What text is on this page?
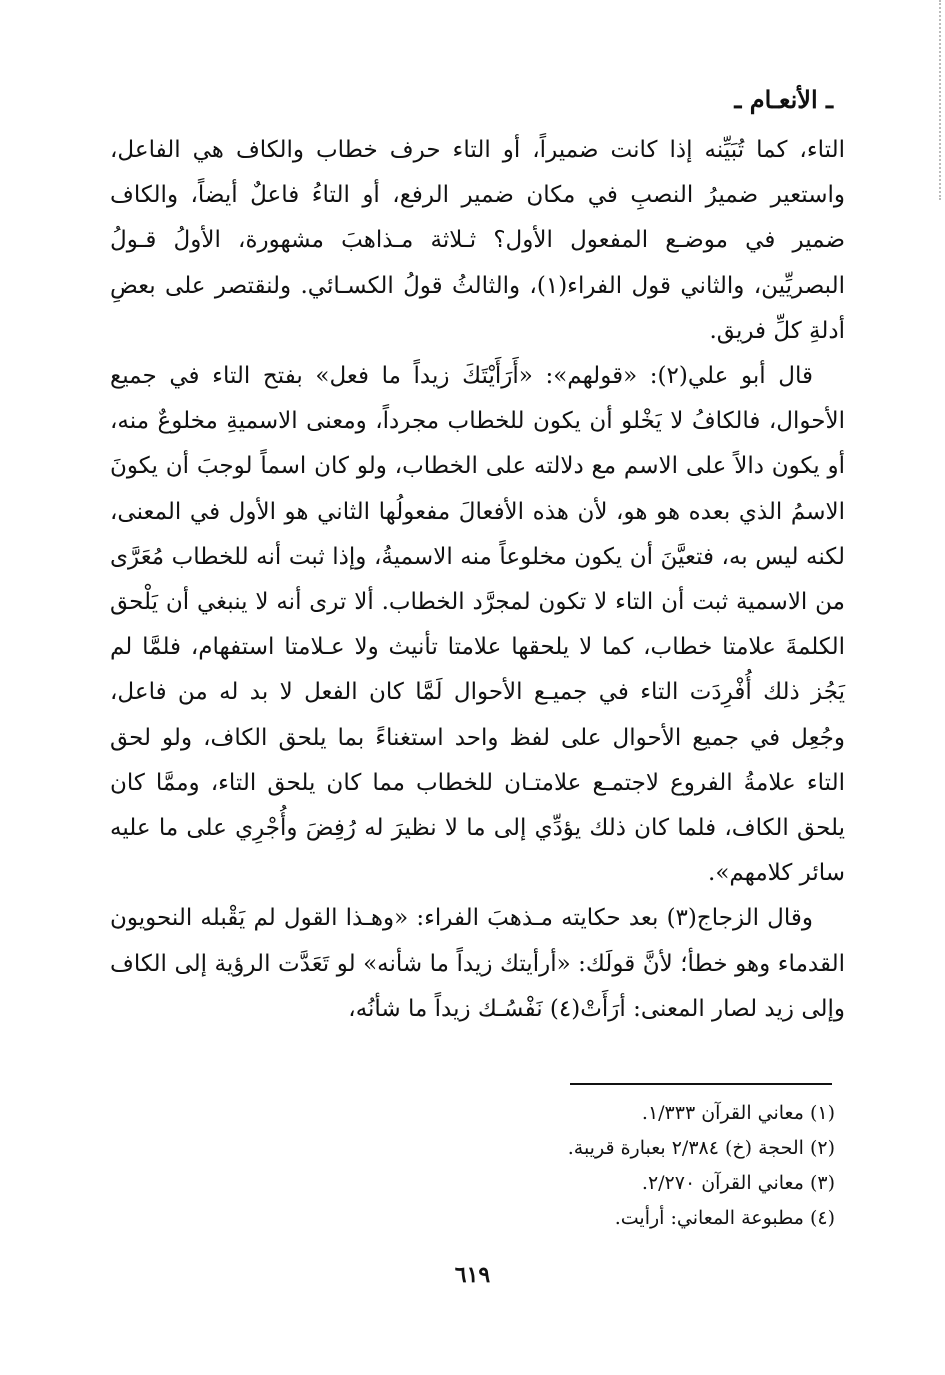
ـ الأنعـام ـ

التاء، كما تُبَيِّنه إذا كانت ضميراً، أو التاء حرف خطاب والكاف هي الفاعل، واستعير ضميرُ النصبِ في مكان ضمير الرفع، أو التاءُ فاعلٌ أيضاً، والكاف ضمير في موضـع المفعول الأول؟ ثـلاثة مـذاهبَ مشهورة، الأولُ قـولُ البصريِّين، والثاني قول الفراء(١)، والثالثُ قولُ الكسـائي. ولنقتصر على بعضِ أدلةِ كلِّ فريق.

قال أبو علي(٢): «قولهم»: «أَرَأَيْتَكَ زيداً ما فعل» بفتح التاء في جميع الأحوال، فالكافُ لا يَخْلو أن يكون للخطاب مجرداً، ومعنى الاسميةِ مخلوعٌ منه، أو يكون دالاً على الاسم مع دلالته على الخطاب، ولو كان اسماً لوجبَ أن يكونَ الاسمُ الذي بعده هو هو، لأن هذه الأفعالَ مفعولُها الثاني هو الأول في المعنى، لكنه ليس به، فتعيَّنَ أن يكون مخلوعاً منه الاسميةُ، وإذا ثبت أنه للخطاب مُعَرَّى من الاسمية ثبت أن التاء لا تكون لمجرَّد الخطاب. ألا ترى أنه لا ينبغي أن يَلْحق الكلمةَ علامتا خطاب، كما لا يلحقها علامتا تأنيث ولا عـلامتا استفهام، فلمَّا لم يَجُز ذلك أُفْرِدَت التاء في جميـع الأحوال لَمَّا كان الفعل لا بد له من فاعل، وجُعِل في جميع الأحوال على لفظ واحد استغناءً بما يلحق الكاف، ولو لحق التاء علامةُ الفروع لاجتمـع علامتـان للخطاب مما كان يلحق التاء، وممَّا كان يلحق الكاف، فلما كان ذلك يؤدِّي إلى ما لا نظيرَ له رُفِضَ وأُجْرِي على ما عليه سائر كلامهم».

وقال الزجاج(٣) بعد حكايته مـذهبَ الفراء: «وهـذا القول لم يَقْبله النحويون القدماء وهو خطأ؛ لأنَّ قولَك: «أرأيتك زيداً ما شأنه» لو تَعَدَّت الرؤية إلى الكاف وإلى زيد لصار المعنى: أرَأَتْ(٤) نَفْسُـك زيداً ما شأنُه،

(١) معاني القرآن ١/٣٣٣.
(٢) الحجة (خ) ٢/٣٨٤ بعبارة قريبة.
(٣) معاني القرآن ٢/٢٧٠.
(٤) مطبوعة المعاني: أرأيت.
٦١٩
